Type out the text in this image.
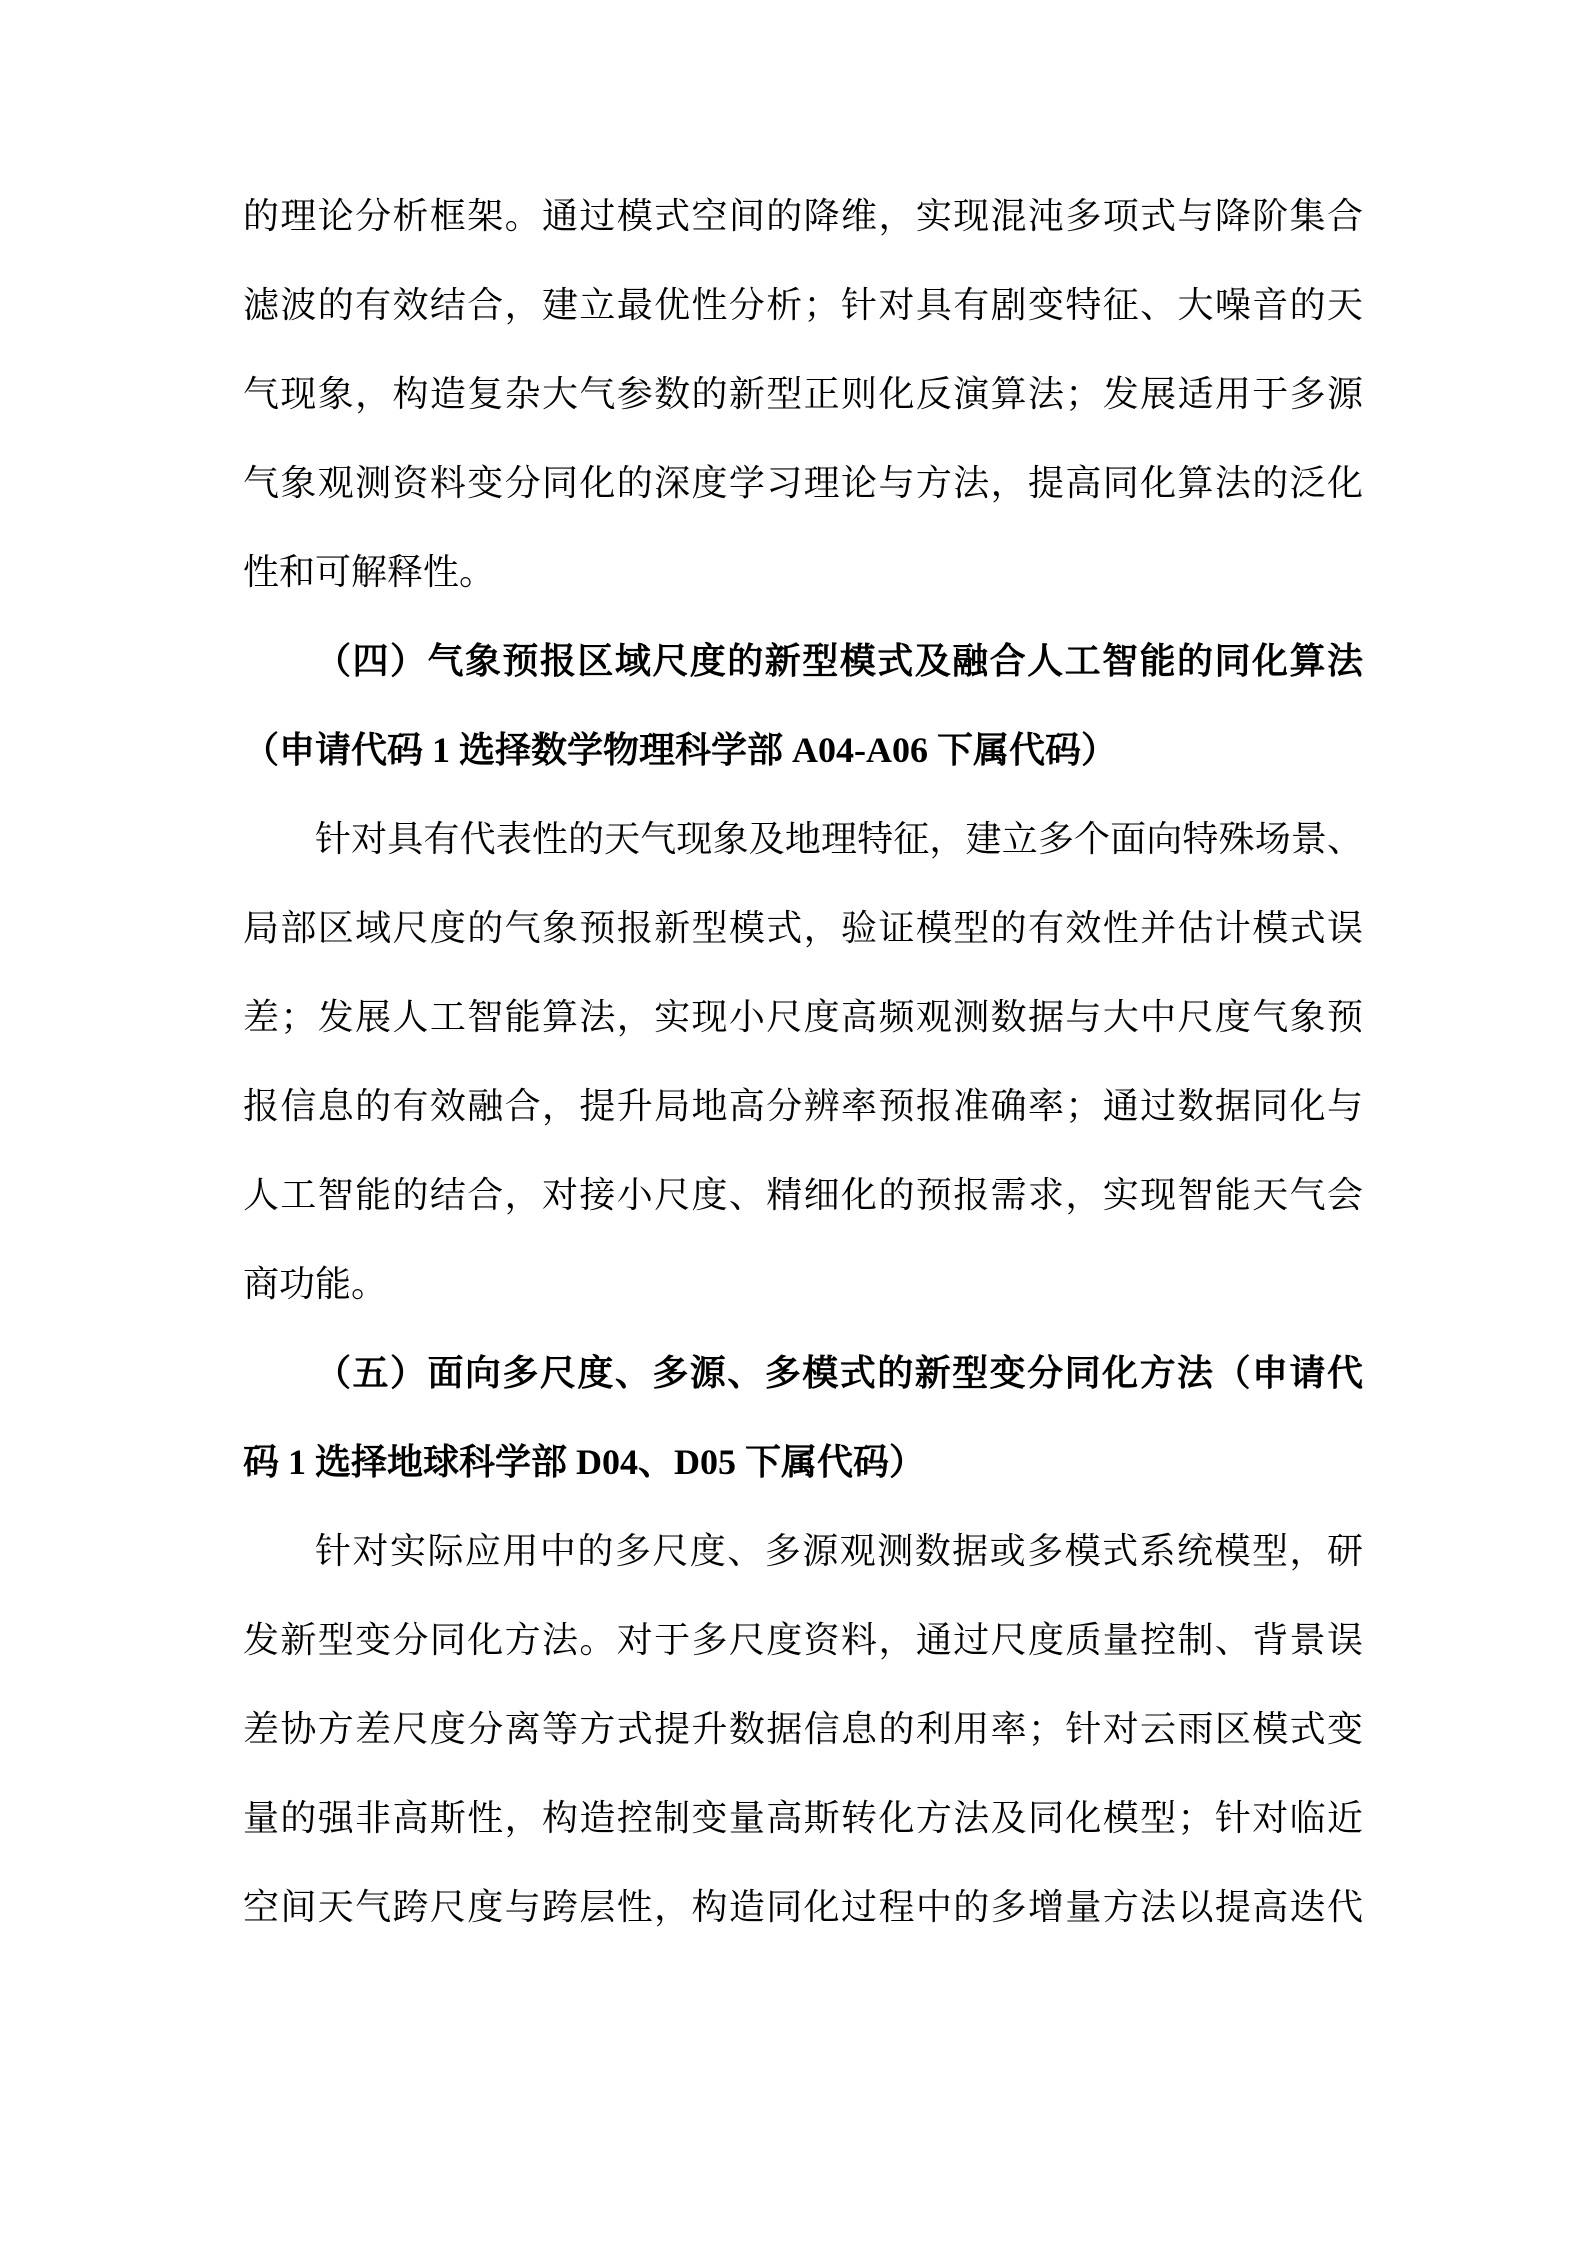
的理论分析框架。通过模式空间的降维，实现混沌多项式与降阶集合
滤波的有效结合，建立最优性分析；针对具有剧变特征、大噪音的天
气现象，构造复杂大气参数的新型正则化反演算法；发展适用于多源
气象观测资料变分同化的深度学习理论与方法，提高同化算法的泛化
性和可解释性。
（四）气象预报区域尺度的新型模式及融合人工智能的同化算法
（申请代码 1 选择数学物理科学部 A04-A06 下属代码）
针对具有代表性的天气现象及地理特征，建立多个面向特殊场景、
局部区域尺度的气象预报新型模式，验证模型的有效性并估计模式误
差；发展人工智能算法，实现小尺度高频观测数据与大中尺度气象预
报信息的有效融合，提升局地高分辨率预报准确率；通过数据同化与
人工智能的结合，对接小尺度、精细化的预报需求，实现智能天气会
商功能。
（五）面向多尺度、多源、多模式的新型变分同化方法（申请代
码 1 选择地球科学部 D04、D05 下属代码）
针对实际应用中的多尺度、多源观测数据或多模式系统模型，研
发新型变分同化方法。对于多尺度资料，通过尺度质量控制、背景误
差协方差尺度分离等方式提升数据信息的利用率；针对云雨区模式变
量的强非高斯性，构造控制变量高斯转化方法及同化模型；针对临近
空间天气跨尺度与跨层性，构造同化过程中的多增量方法以提高迭代
